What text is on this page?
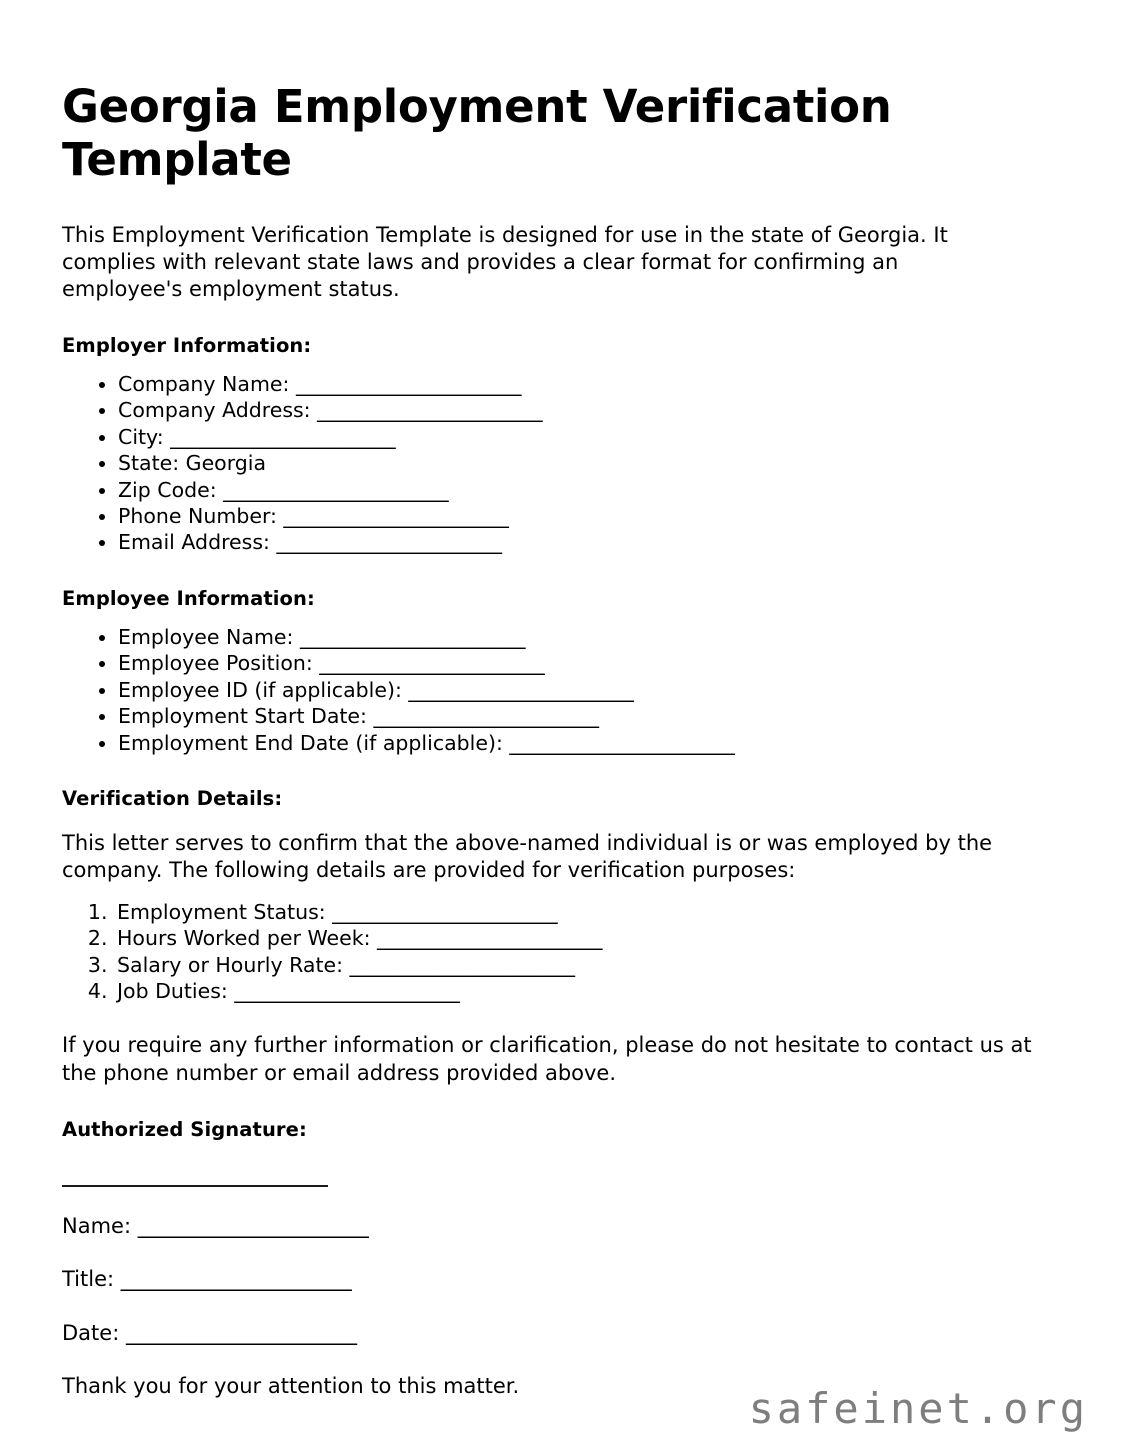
Georgia Employment Verification Template

This Employment Verification Template is designed for use in the state of Georgia. It complies with relevant state laws and provides a clear format for confirming an employee's employment status.

Employer Information:
• Company Name: ______________________
• Company Address: ______________________
• City: ______________________
• State: Georgia
• Zip Code: ______________________
• Phone Number: ______________________
• Email Address: ______________________
Employee Information:
• Employee Name: ______________________
• Employee Position: ______________________
• Employee ID (if applicable): ______________________
• Employment Start Date: ______________________
• Employment End Date (if applicable): ______________________
Verification Details:

This letter serves to confirm that the above-named individual is or was employed by the company. The following details are provided for verification purposes:

1. Employment Status: ______________________
2. Hours Worked per Week: ______________________
3. Salary or Hourly Rate: ______________________
4. Job Duties: ______________________

If you require any further information or clarification, please do not hesitate to contact us at the phone number or email address provided above.

Authorized Signature:

Name: ______________________

Title: ______________________

Date: ______________________

Thank you for your attention to this matter.	safeinet.org
